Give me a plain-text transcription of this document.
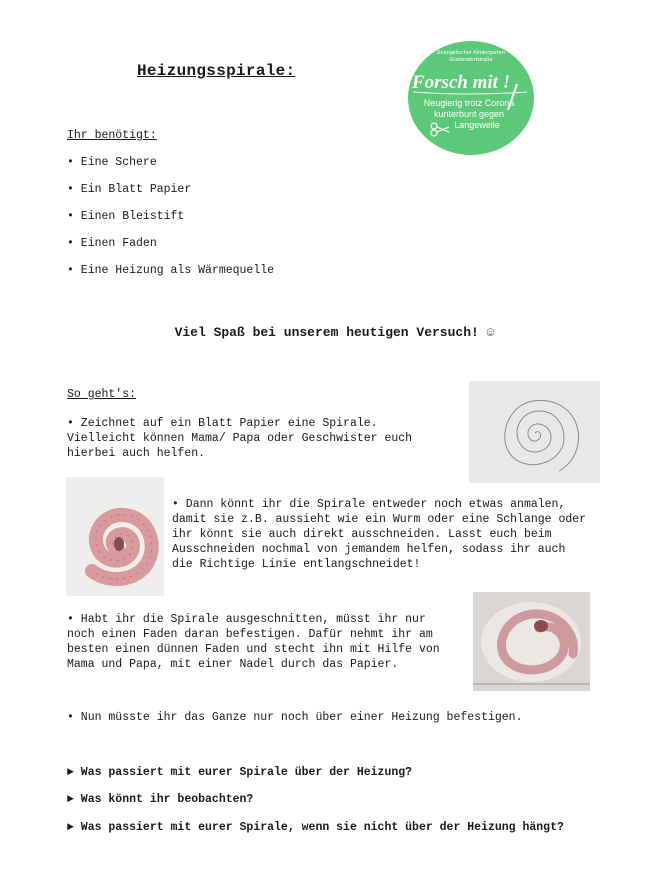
Heizungsspirale:
Evangelischer Kindergarten
Grabendorfstraße
Forsch mit !
Neugierig trotz Corona
kunterbunt gegen
Langeweile
Ihr benötigt:
• Eine Schere
• Ein Blatt Papier
• Einen Bleistift
• Einen Faden
• Eine Heizung als Wärmequelle
Viel Spaß bei unserem heutigen Versuch! ☺
So geht's:

• Zeichnet auf ein Blatt Papier eine Spirale.

Vielleicht können Mama/ Papa oder Geschwister euch

hierbei auch helfen.

• Dann könnt ihr die Spirale entweder noch etwas anmalen,

damit sie z.B. aussieht wie ein Wurm oder eine Schlange oder

ihr könnt sie auch direkt ausschneiden. Lasst euch beim

Ausschneiden nochmal von jemandem helfen, sodass ihr auch

die Richtige Linie entlangschneidet!

• Habt ihr die Spirale ausgeschnitten, müsst ihr nur

noch einen Faden daran befestigen. Dafür nehmt ihr am

besten einen dünnen Faden und stecht ihn mit Hilfe von

Mama und Papa, mit einer Nadel durch das Papier.

• Nun müsste ihr das Ganze nur noch über einer Heizung befestigen.
► Was passiert mit eurer Spirale über der Heizung?
► Was könnt ihr beobachten?
► Was passiert mit eurer Spirale, wenn sie nicht über der Heizung hängt?
